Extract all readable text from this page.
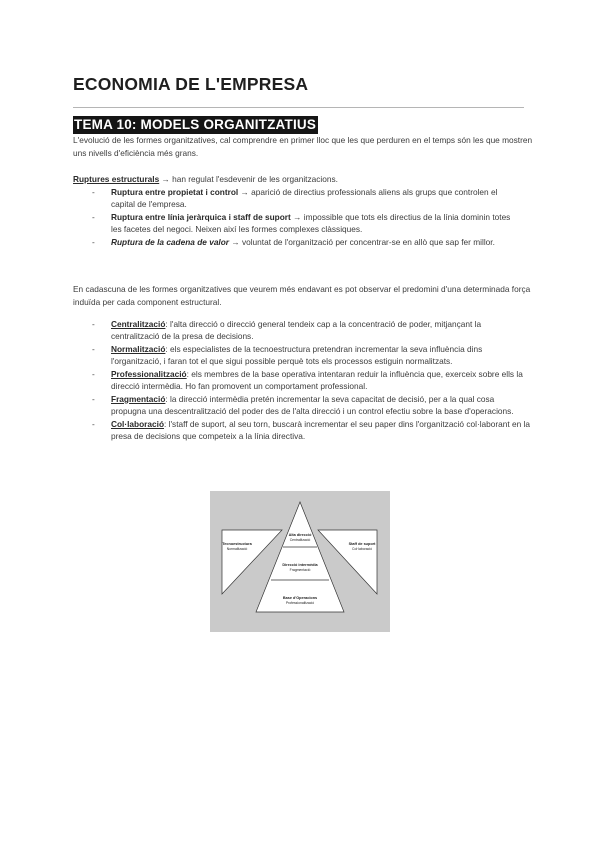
ECONOMIA DE L'EMPRESA
TEMA 10: MODELS ORGANITZATIUS

L'evolució de les formes organitzatives, cal comprendre en primer lloc que les que perduren en el temps són les que mostren uns nivells d'eficiència més grans.

Ruptures estructurals → han regulat l'esdevenir de les organitzacions.

- Ruptura entre propietat i control → aparició de directius professionals aliens als grups que controlen el capital de l'empresa.
- Ruptura entre línia jeràrquica i staff de suport → impossible que tots els directius de la línia dominin totes les facetes del negoci. Neixen així les formes complexes clàssiques.
- Ruptura de la cadena de valor → voluntat de l'organització per concentrar-se en allò que sap fer millor.

En cadascuna de les formes organitzatives que veurem més endavant es pot observar el predomini d'una determinada força induïda per cada component estructural.

- Centralització: l'alta direcció o direcció general tendeix cap a la concentració de poder, mitjançant la centralització de la presa de decisions.
- Normalització: els especialistes de la tecnoestructura pretendran incrementar la seva influència dins l'organització, i faran tot el que sigui possible perquè tots els processos estiguin normalitzats.
- Professionalització: els membres de la base operativa intentaran reduir la influència que, exerceix sobre ells la direcció intermèdia. Ho fan promovent un comportament professional.
- Fragmentació: la direcció intermèdia pretén incrementar la seva capacitat de decisió, per a la qual cosa propugna una descentralització del poder des de l'alta direcció i un control efectiu sobre la base d'operacions.
- Col·laboració: l'staff de suport, al seu torn, buscarà incrementar el seu paper dins l'organització col·laborant en la presa de decisions que competeix a la línia directiva.
Tecnoestructura
Normalització
Staff de suport
Col·laboració
Alta direcció
Centralització
Direcció intermèdia
Fragmentació
Base d'Operacions
Professionalització
